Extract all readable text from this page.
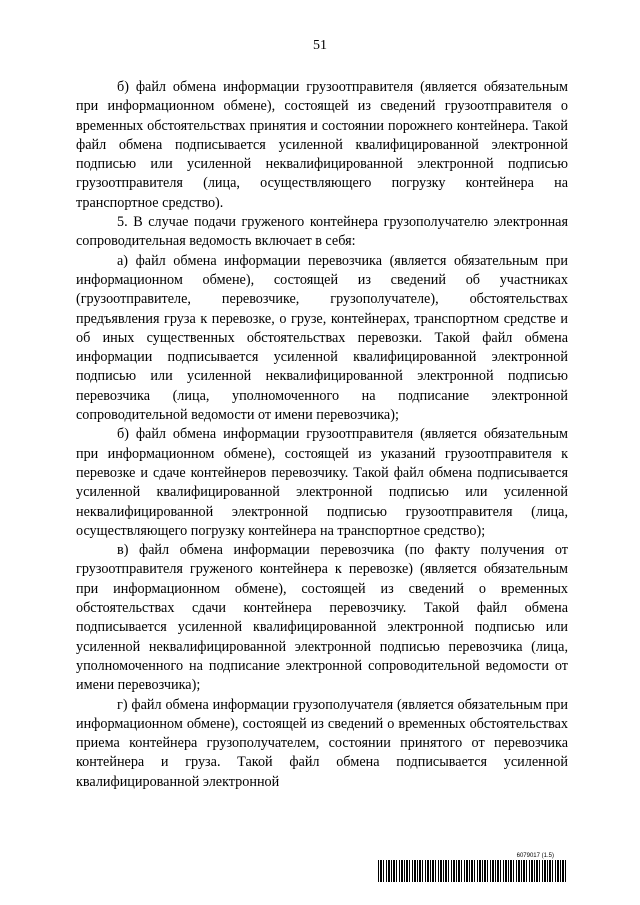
51

б) файл обмена информации грузоотправителя (является обязательным при информационном обмене), состоящей из сведений грузоотправителя о временных обстоятельствах принятия и состоянии порожнего контейнера. Такой файл обмена подписывается усиленной квалифицированной электронной подписью или усиленной неквалифицированной электронной подписью грузоотправителя (лица, осуществляющего погрузку контейнера на транспортное средство).

5. В случае подачи груженого контейнера грузополучателю электронная сопроводительная ведомость включает в себя:

а) файл обмена информации перевозчика (является обязательным при информационном обмене), состоящей из сведений об участниках (грузоотправителе, перевозчике, грузополучателе), обстоятельствах предъявления груза к перевозке, о грузе, контейнерах, транспортном средстве и об иных существенных обстоятельствах перевозки. Такой файл обмена информации подписывается усиленной квалифицированной электронной подписью или усиленной неквалифицированной электронной подписью перевозчика (лица, уполномоченного на подписание электронной сопроводительной ведомости от имени перевозчика);

б) файл обмена информации грузоотправителя (является обязательным при информационном обмене), состоящей из указаний грузоотправителя к перевозке и сдаче контейнеров перевозчику. Такой файл обмена подписывается усиленной квалифицированной электронной подписью или усиленной неквалифицированной электронной подписью грузоотправителя (лица, осуществляющего погрузку контейнера на транспортное средство);

в) файл обмена информации перевозчика (по факту получения от грузоотправителя груженого контейнера к перевозке) (является обязательным при информационном обмене), состоящей из сведений о временных обстоятельствах сдачи контейнера перевозчику. Такой файл обмена подписывается усиленной квалифицированной электронной подписью или усиленной неквалифицированной электронной подписью перевозчика (лица, уполномоченного на подписание электронной сопроводительной ведомости от имени перевозчика);

г) файл обмена информации грузополучателя (является обязательным при информационном обмене), состоящей из сведений о временных обстоятельствах приема контейнера грузополучателем, состоянии принятого от перевозчика контейнера и груза. Такой файл обмена подписывается усиленной квалифицированной электронной

6079017 (1.5)
